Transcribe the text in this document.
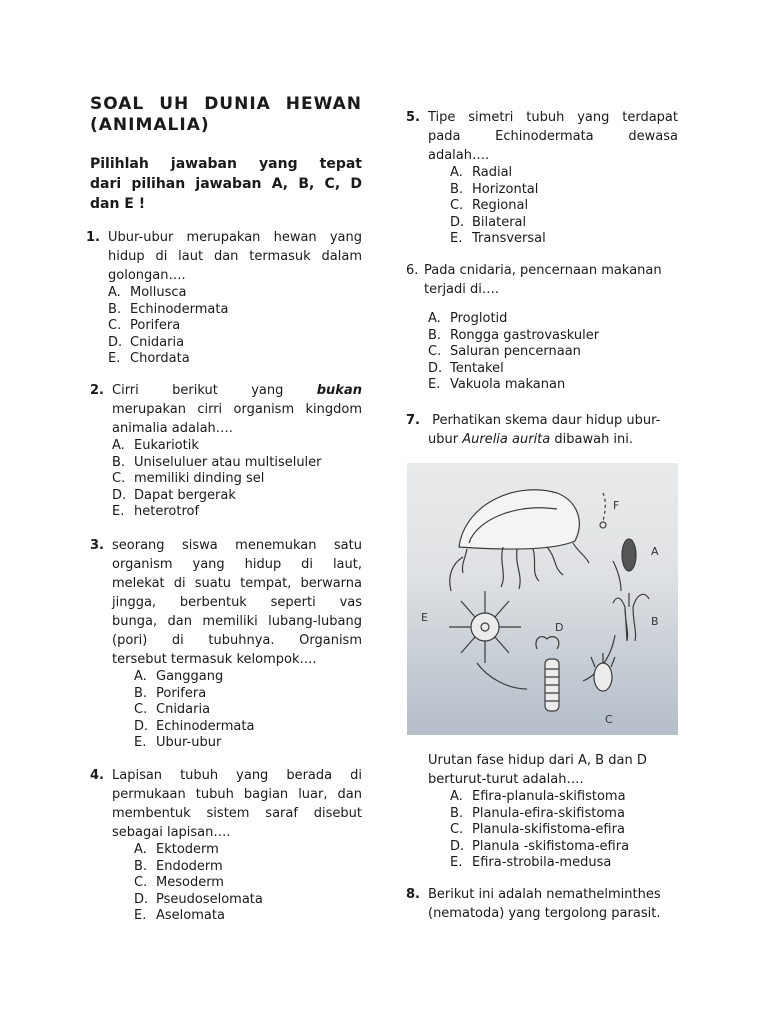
SOAL UH DUNIA HEWAN
(ANIMALIA)
Pilihlah jawaban yang tepat
dari pilihan jawaban A, B, C, D
dan E !
1. Ubur-ubur merupakan hewan yang
hidup di laut dan termasuk dalam
golongan….
A. Mollusca
B. Echinodermata
C. Porifera
D. Cnidaria
E. Chordata
2. Cirri berikut yang	bukan
merupakan cirri organism kingdom
animalia adalah….
A. Eukariotik
B. Uniseluluer atau multiseluler
C. memiliki dinding sel
D. Dapat bergerak
E. heterotrof
3. seorang siswa menemukan satu
organism yang hidup di laut,
melekat di suatu tempat, berwarna
jingga, berbentuk seperti vas
bunga, dan memiliki lubang-lubang
(pori) di tubuhnya. Organism
tersebut termasuk kelompok….
A. Ganggang
B. Porifera
C. Cnidaria
D. Echinodermata
E. Ubur-ubur
4. Lapisan tubuh yang berada di
permukaan tubuh bagian luar, dan
membentuk sistem saraf disebut
sebagai lapisan….
A. Ektoderm
B. Endoderm
C. Mesoderm
D. Pseudoselomata
E. Aselomata
5. Tipe simetri tubuh yang terdapat
pada Echinodermata dewasa
adalah….
A. Radial
B. Horizontal
C. Regional
D. Bilateral
E. Transversal
6. Pada cnidaria, pencernaan makanan
terjadi di….
A. Proglotid
B. Rongga gastrovaskuler
C. Saluran pencernaan
D. Tentakel
E. Vakuola makanan
7. Perhatikan skema daur hidup ubur-
ubur Aurelia aurita dibawah ini.
F
A
B
C
D
E
Urutan fase hidup dari A, B dan D
berturut-turut adalah….
A. Efira-planula-skifistoma
B. Planula-efira-skifistoma
C. Planula-skifistoma-efira
D. Planula -skifistoma-efira
E. Efira-strobila-medusa
8. Berikut ini adalah nemathelminthes
(nematoda) yang tergolong parasit.
